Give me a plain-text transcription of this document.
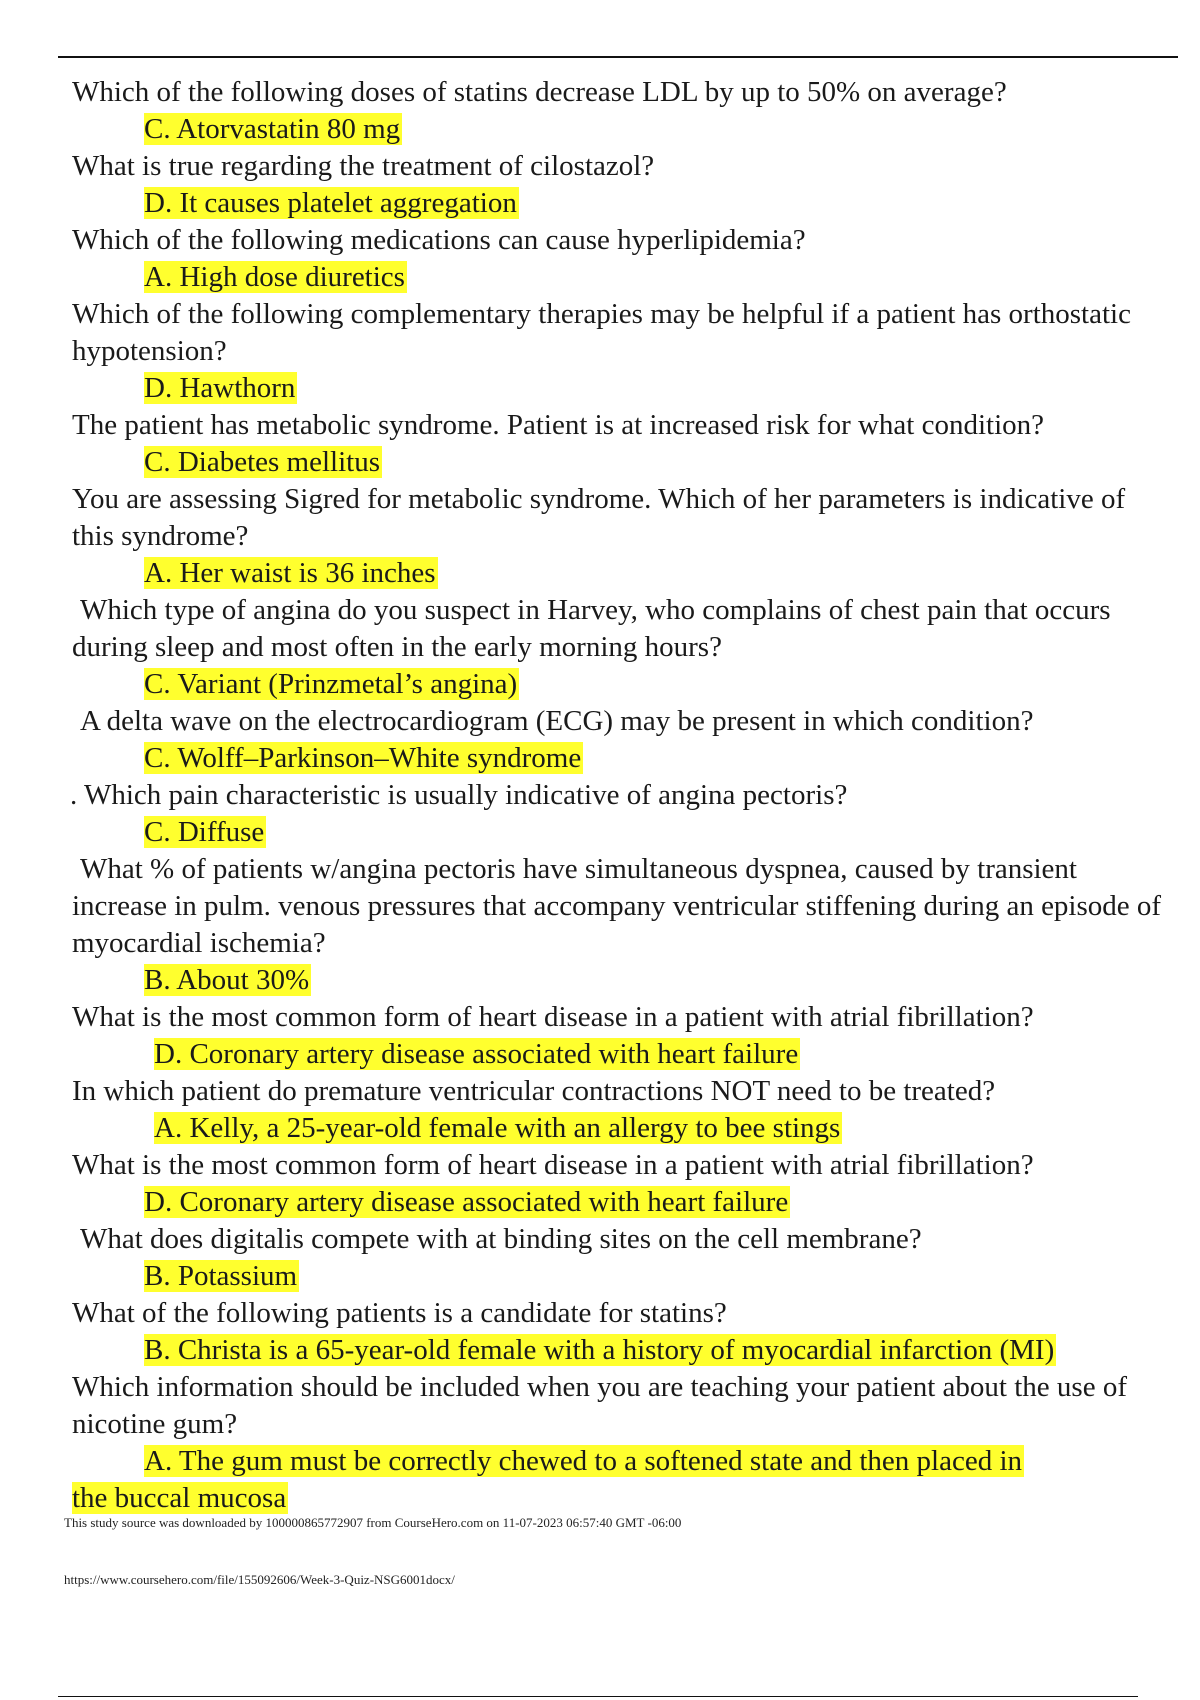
Which of the following doses of statins decrease LDL by up to 50% on average?
C. Atorvastatin 80 mg
What is true regarding the treatment of cilostazol?
D. It causes platelet aggregation
Which of the following medications can cause hyperlipidemia?
A. High dose diuretics
Which of the following complementary therapies may be helpful if a patient has orthostatic hypotension?
D. Hawthorn
The patient has metabolic syndrome. Patient is at increased risk for what condition?
C. Diabetes mellitus
You are assessing Sigred for metabolic syndrome. Which of her parameters is indicative of this syndrome?
A. Her waist is 36 inches
Which type of angina do you suspect in Harvey, who complains of chest pain that occurs during sleep and most often in the early morning hours?
C. Variant (Prinzmetal’s angina)
A delta wave on the electrocardiogram (ECG) may be present in which condition?
C. Wolff–Parkinson–White syndrome
. Which pain characteristic is usually indicative of angina pectoris?
C. Diffuse
What % of patients w/angina pectoris have simultaneous dyspnea, caused by transient increase in pulm. venous pressures that accompany ventricular stiffening during an episode of myocardial ischemia?
B. About 30%
What is the most common form of heart disease in a patient with atrial fibrillation?
D. Coronary artery disease associated with heart failure
In which patient do premature ventricular contractions NOT need to be treated?
A. Kelly, a 25-year-old female with an allergy to bee stings
What is the most common form of heart disease in a patient with atrial fibrillation?
D. Coronary artery disease associated with heart failure
What does digitalis compete with at binding sites on the cell membrane?
B. Potassium
What of the following patients is a candidate for statins?
B. Christa is a 65-year-old female with a history of myocardial infarction (MI)
Which information should be included when you are teaching your patient about the use of nicotine gum?
A. The gum must be correctly chewed to a softened state and then placed in
the buccal mucosa
This study source was downloaded by 100000865772907 from CourseHero.com on 11-07-2023 06:57:40 GMT -06:00
https://www.coursehero.com/file/155092606/Week-3-Quiz-NSG6001docx/
